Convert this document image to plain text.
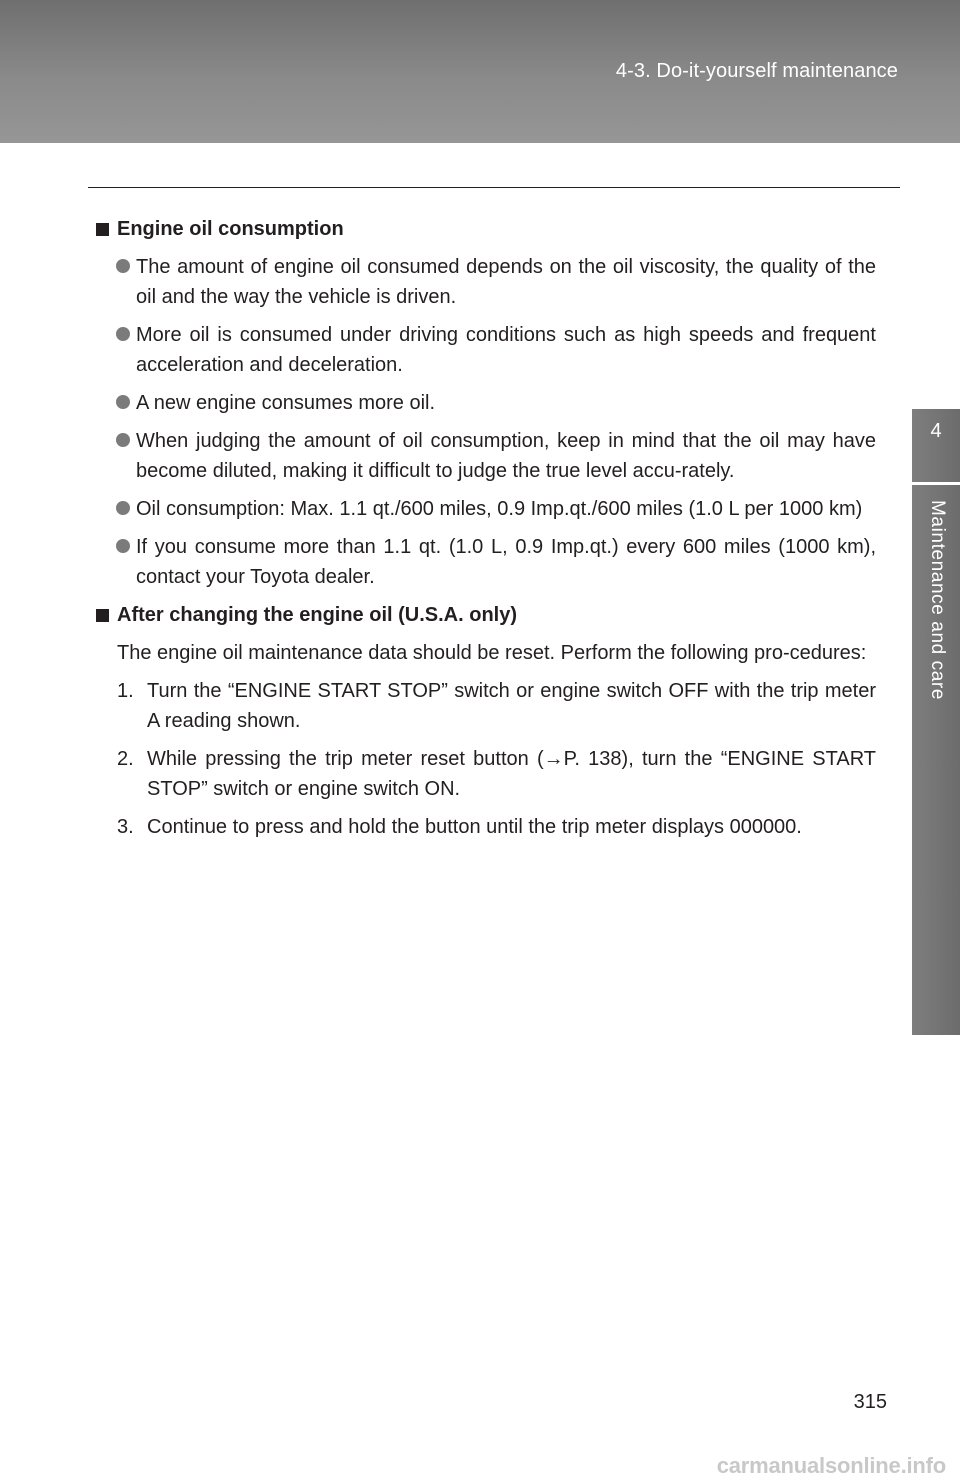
4-3. Do-it-yourself maintenance
4
Maintenance and care
Engine oil consumption
The amount of engine oil consumed depends on the oil viscosity, the quality of the oil and the way the vehicle is driven.
More oil is consumed under driving conditions such as high speeds and frequent acceleration and deceleration.
A new engine consumes more oil.
When judging the amount of oil consumption, keep in mind that the oil may have become diluted, making it difficult to judge the true level accu-rately.
Oil consumption: Max. 1.1 qt./600 miles, 0.9 Imp.qt./600 miles (1.0 L per 1000 km)
If you consume more than 1.1 qt. (1.0 L, 0.9 Imp.qt.) every 600 miles (1000 km), contact your Toyota dealer.
After changing the engine oil (U.S.A. only)
The engine oil maintenance data should be reset. Perform the following pro-cedures:
1. Turn the “ENGINE START STOP” switch or engine switch OFF with the trip meter A reading shown.
2. While pressing the trip meter reset button (→P. 138), turn the “ENGINE START STOP” switch or engine switch ON.
3. Continue to press and hold the button until the trip meter displays 000000.
315
carmanualsonline.info
